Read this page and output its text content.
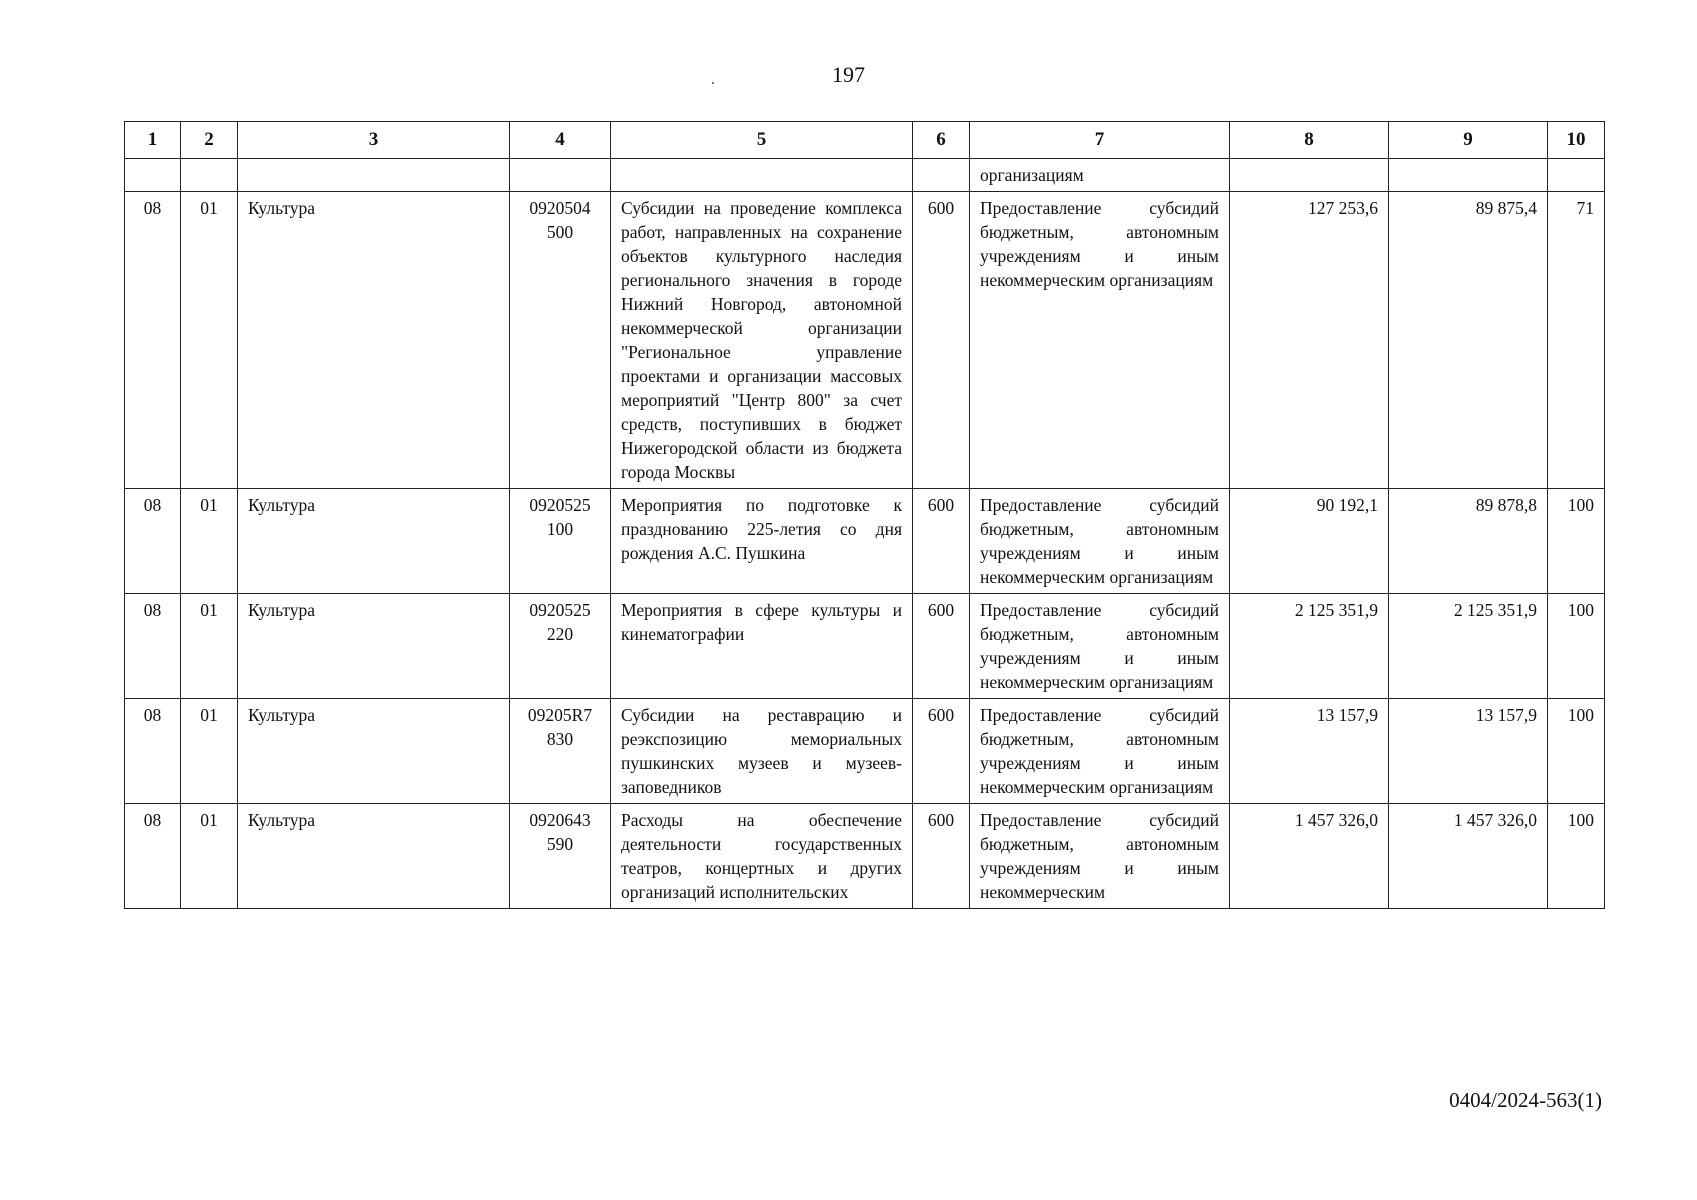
197
1	2	3	4	5	6	7	8	9	10
						организациям			
08	01	Культура	0920504 500	Субсидии на проведение комплекса работ, направленных на сохранение объектов культурного наследия регионального значения в городе Нижний Новгород, автономной некоммерческой организации "Региональное управление проектами и организации массовых мероприятий "Центр 800" за счет средств, поступивших в бюджет Нижегородской области из бюджета города Москвы	600	Предоставление субсидий бюджетным, автономным учреждениям и иным некоммерческим организациям	127 253,6	89 875,4	71
08	01	Культура	0920525 100	Мероприятия по подготовке к празднованию 225-летия со дня рождения А.С. Пушкина	600	Предоставление субсидий бюджетным, автономным учреждениям и иным некоммерческим организациям	90 192,1	89 878,8	100
08	01	Культура	0920525 220	Мероприятия в сфере культуры и кинематографии	600	Предоставление субсидий бюджетным, автономным учреждениям и иным некоммерческим организациям	2 125 351,9	2 125 351,9	100
08	01	Культура	09205R7 830	Субсидии на реставрацию и реэкспозицию мемориальных пушкинских музеев и музеев-заповедников	600	Предоставление субсидий бюджетным, автономным учреждениям и иным некоммерческим организациям	13 157,9	13 157,9	100
08	01	Культура	0920643 590	Расходы на обеспечение деятельности государственных театров, концертных и других организаций исполнительских	600	Предоставление субсидий бюджетным, автономным учреждениям и иным некоммерческим	1 457 326,0	1 457 326,0	100
0404/2024-563(1)
